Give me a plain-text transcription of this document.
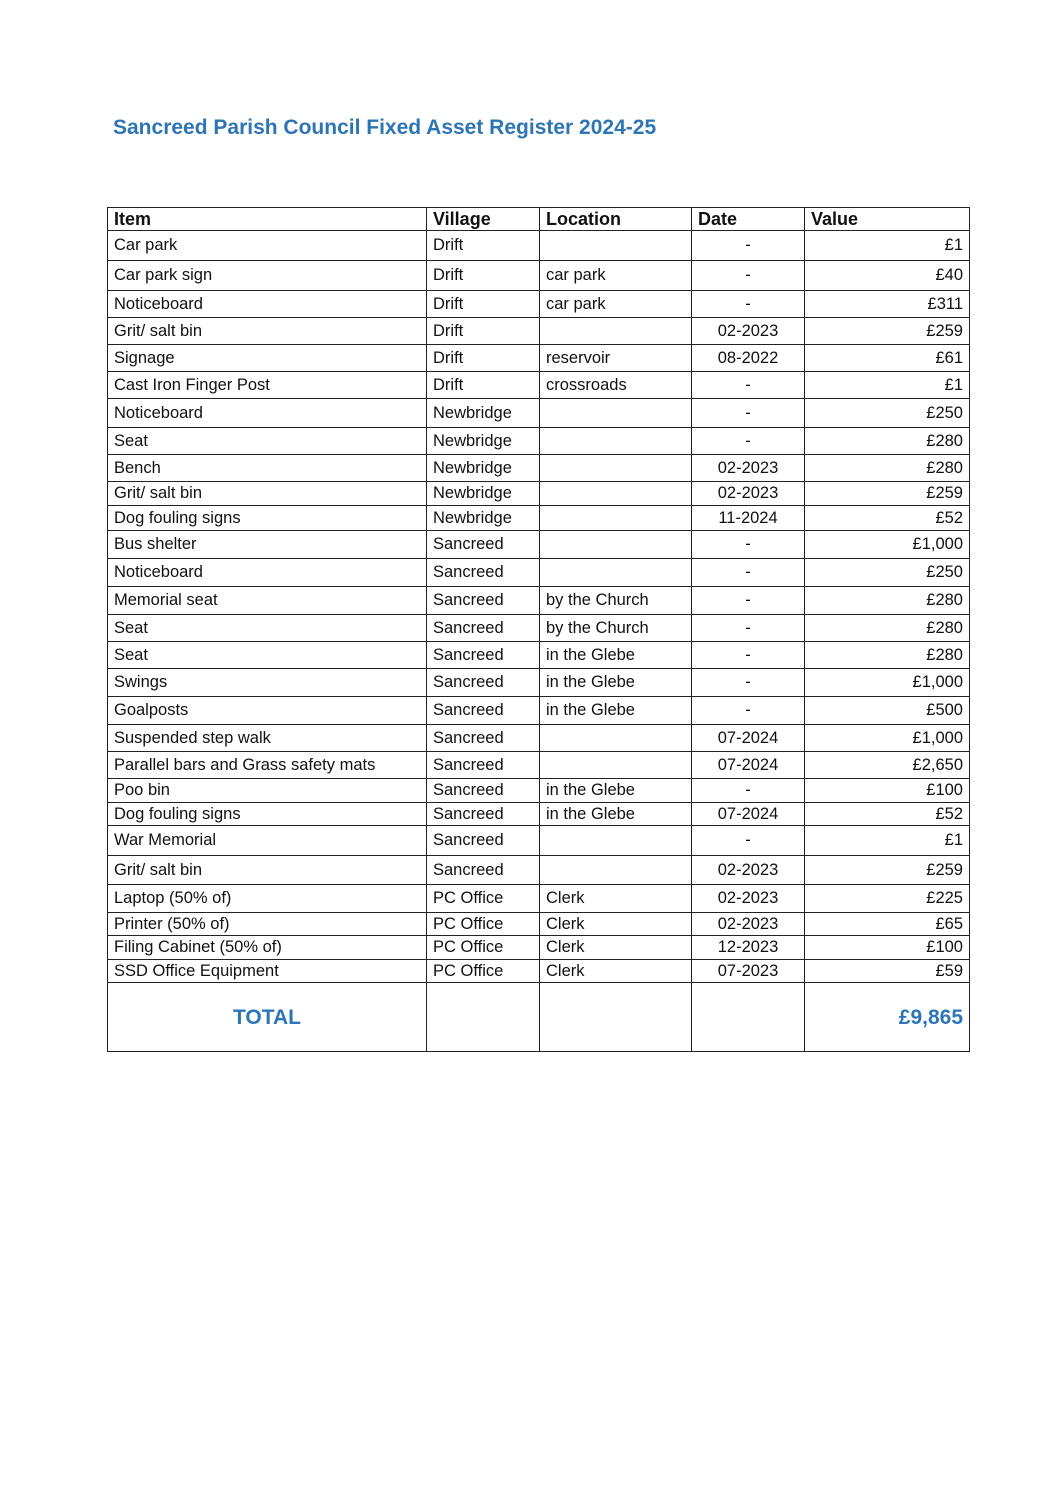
Sancreed Parish Council Fixed Asset Register 2024-25
Item	Village	Location	Date	Value
Car park	Drift		-	£1
Car park sign	Drift	car park	-	£40
Noticeboard	Drift	car park	-	£311
Grit/ salt bin	Drift		02-2023	£259
Signage	Drift	reservoir	08-2022	£61
Cast Iron Finger Post	Drift	crossroads	-	£1
Noticeboard	Newbridge		-	£250
Seat	Newbridge		-	£280
Bench	Newbridge		02-2023	£280
Grit/ salt bin	Newbridge		02-2023	£259
Dog fouling signs	Newbridge		11-2024	£52
Bus shelter	Sancreed		-	£1,000
Noticeboard	Sancreed		-	£250
Memorial seat	Sancreed	by the Church	-	£280
Seat	Sancreed	by the Church	-	£280
Seat	Sancreed	in the Glebe	-	£280
Swings	Sancreed	in the Glebe	-	£1,000
Goalposts	Sancreed	in the Glebe	-	£500
Suspended step walk	Sancreed		07-2024	£1,000
Parallel bars and Grass safety mats	Sancreed		07-2024	£2,650
Poo bin	Sancreed	in the Glebe	-	£100
Dog fouling signs	Sancreed	in the Glebe	07-2024	£52
War Memorial	Sancreed		-	£1
Grit/ salt bin	Sancreed		02-2023	£259
Laptop (50% of)	PC Office	Clerk	02-2023	£225
Printer (50% of)	PC Office	Clerk	02-2023	£65
Filing Cabinet (50% of)	PC Office	Clerk	12-2023	£100
SSD Office Equipment	PC Office	Clerk	07-2023	£59
TOTAL				£9,865
